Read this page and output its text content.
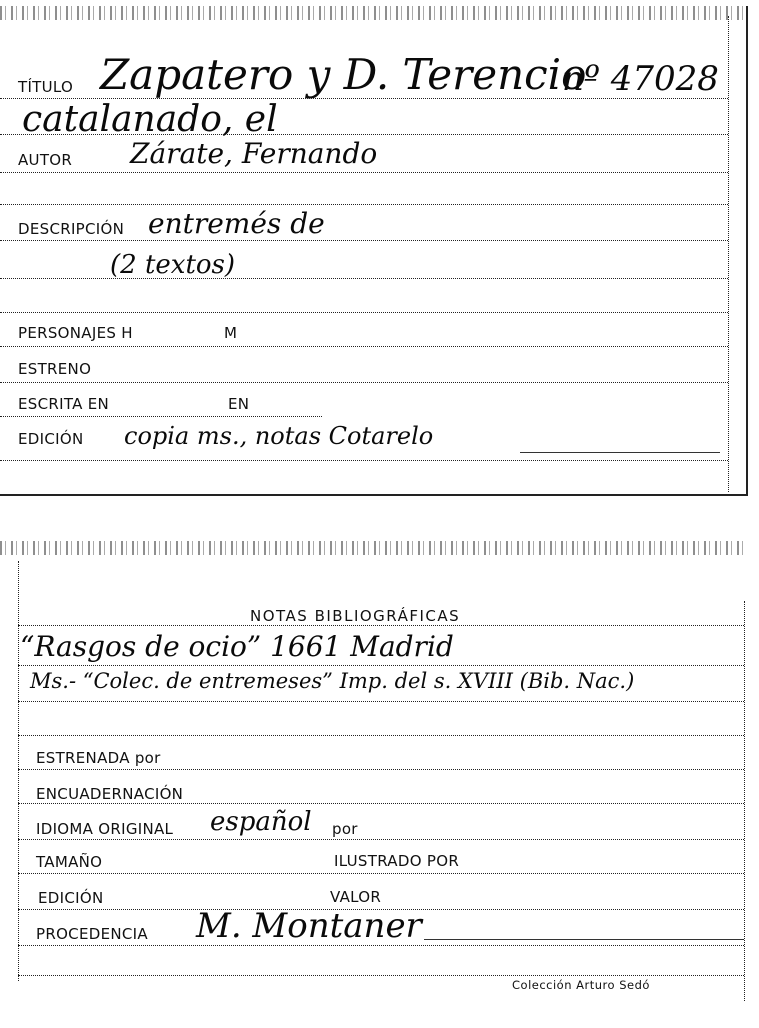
TÍTULO Zapatero y D. Terencio
nº 47028
catalanado, el
AUTOR Zárate, Fernando
DESCRIPCIÓN entremés de
(2 textos)
PERSONAJES H	M
ESTRENO
ESCRITA EN	EN
EDICIÓN copia ms., notas Cotarelo
NOTAS BIBLIOGRÁFICAS
“Rasgos de ocio” 1661 Madrid
Ms.- “Colec. de entremeses” Imp. del s. XVIII (Bib. Nac.)
ESTRENADA por
ENCUADERNACIÓN
IDIOMA ORIGINAL español por
TAMAÑO	ILUSTRADO POR
EDICIÓN	VALOR
PROCEDENCIA M. Montaner
Colección Arturo Sedó
